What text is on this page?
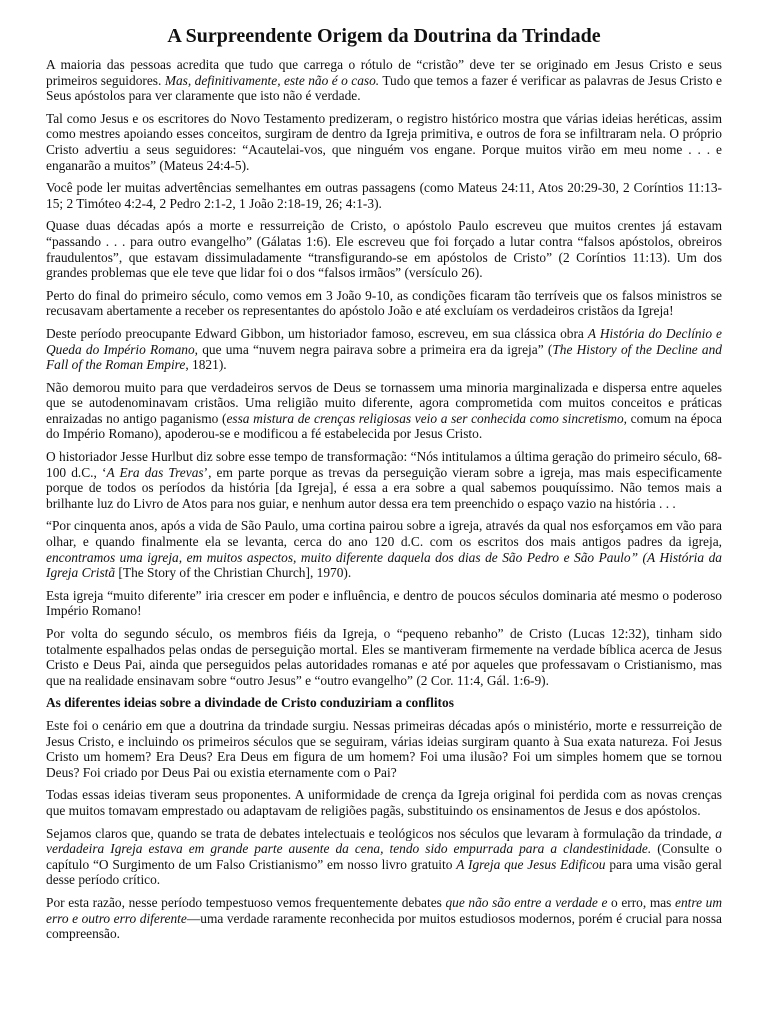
A Surpreendente Origem da Doutrina da Trindade

A maioria das pessoas acredita que tudo que carrega o rótulo de “cristão” deve ter se originado em Jesus Cristo e seus primeiros seguidores. Mas, definitivamente, este não é o caso. Tudo que temos a fazer é verificar as palavras de Jesus Cristo e Seus apóstolos para ver claramente que isto não é verdade.

Tal como Jesus e os escritores do Novo Testamento predizeram, o registro histórico mostra que várias ideias heréticas, assim como mestres apoiando esses conceitos, surgiram de dentro da Igreja primitiva, e outros de fora se infiltraram nela. O próprio Cristo advertiu a seus seguidores: “Acautelai-vos, que ninguém vos engane. Porque muitos virão em meu nome . . . e enganarão a muitos” (Mateus 24:4-5).

Você pode ler muitas advertências semelhantes em outras passagens (como Mateus 24:11, Atos 20:29-30, 2 Coríntios 11:13-15; 2 Timóteo 4:2-4, 2 Pedro 2:1-2, 1 João 2:18-19, 26; 4:1-3).

Quase duas décadas após a morte e ressurreição de Cristo, o apóstolo Paulo escreveu que muitos crentes já estavam “passando . . . para outro evangelho” (Gálatas 1:6). Ele escreveu que foi forçado a lutar contra “falsos apóstolos, obreiros fraudulentos”, que estavam dissimuladamente “transfigurando-se em apóstolos de Cristo” (2 Coríntios 11:13). Um dos grandes problemas que ele teve que lidar foi o dos “falsos irmãos” (versículo 26).

Perto do final do primeiro século, como vemos em 3 João 9-10, as condições ficaram tão terríveis que os falsos ministros se recusavam abertamente a receber os representantes do apóstolo João e até excluíam os verdadeiros cristãos da Igreja!

Deste período preocupante Edward Gibbon, um historiador famoso, escreveu, em sua clássica obra A História do Declínio e Queda do Império Romano, que uma “nuvem negra pairava sobre a primeira era da igreja” (The History of the Decline and Fall of the Roman Empire, 1821).

Não demorou muito para que verdadeiros servos de Deus se tornassem uma minoria marginalizada e dispersa entre aqueles que se autodenominavam cristãos. Uma religião muito diferente, agora comprometida com muitos conceitos e práticas enraizadas no antigo paganismo (essa mistura de crenças religiosas veio a ser conhecida como sincretismo, comum na época do Império Romano), apoderou-se e modificou a fé estabelecida por Jesus Cristo.

O historiador Jesse Hurlbut diz sobre esse tempo de transformação: “Nós intitulamos a última geração do primeiro século, 68-100 d.C., ‘A Era das Trevas’, em parte porque as trevas da perseguição vieram sobre a igreja, mas mais especificamente porque de todos os períodos da história [da Igreja], é essa a era sobre a qual sabemos pouquíssimo. Não temos mais a brilhante luz do Livro de Atos para nos guiar, e nenhum autor dessa era tem preenchido o espaço vazio na história . . .

“Por cinquenta anos, após a vida de São Paulo, uma cortina pairou sobre a igreja, através da qual nos esforçamos em vão para olhar, e quando finalmente ela se levanta, cerca do ano 120 d.C. com os escritos dos mais antigos padres da igreja, encontramos uma igreja, em muitos aspectos, muito diferente daquela dos dias de São Pedro e São Paulo” (A História da Igreja Cristã [The Story of the Christian Church], 1970).

Esta igreja “muito diferente” iria crescer em poder e influência, e dentro de poucos séculos dominaria até mesmo o poderoso Império Romano!

Por volta do segundo século, os membros fiéis da Igreja, o “pequeno rebanho” de Cristo (Lucas 12:32), tinham sido totalmente espalhados pelas ondas de perseguição mortal. Eles se mantiveram firmemente na verdade bíblica acerca de Jesus Cristo e Deus Pai, ainda que perseguidos pelas autoridades romanas e até por aqueles que professavam o Cristianismo, mas que na realidade ensinavam sobre “outro Jesus” e “outro evangelho” (2 Cor. 11:4, Gál. 1:6-9).

As diferentes ideias sobre a divindade de Cristo conduziriam a conflitos

Este foi o cenário em que a doutrina da trindade surgiu. Nessas primeiras décadas após o ministério, morte e ressurreição de Jesus Cristo, e incluindo os primeiros séculos que se seguiram, várias ideias surgiram quanto à Sua exata natureza. Foi Jesus Cristo um homem? Era Deus? Era Deus em figura de um homem? Foi uma ilusão? Foi um simples homem que se tornou Deus? Foi criado por Deus Pai ou existia eternamente com o Pai?

Todas essas ideias tiveram seus proponentes. A uniformidade de crença da Igreja original foi perdida com as novas crenças que muitos tomavam emprestado ou adaptavam de religiões pagãs, substituindo os ensinamentos de Jesus e dos apóstolos.

Sejamos claros que, quando se trata de debates intelectuais e teológicos nos séculos que levaram à formulação da trindade, a verdadeira Igreja estava em grande parte ausente da cena, tendo sido empurrada para a clandestinidade. (Consulte o capítulo “O Surgimento de um Falso Cristianismo” em nosso livro gratuito A Igreja que Jesus Edificou para uma visão geral desse período crítico.

Por esta razão, nesse período tempestuoso vemos frequentemente debates que não são entre a verdade e o erro, mas entre um erro e outro erro diferente—uma verdade raramente reconhecida por muitos estudiosos modernos, porém é crucial para nossa compreensão.
